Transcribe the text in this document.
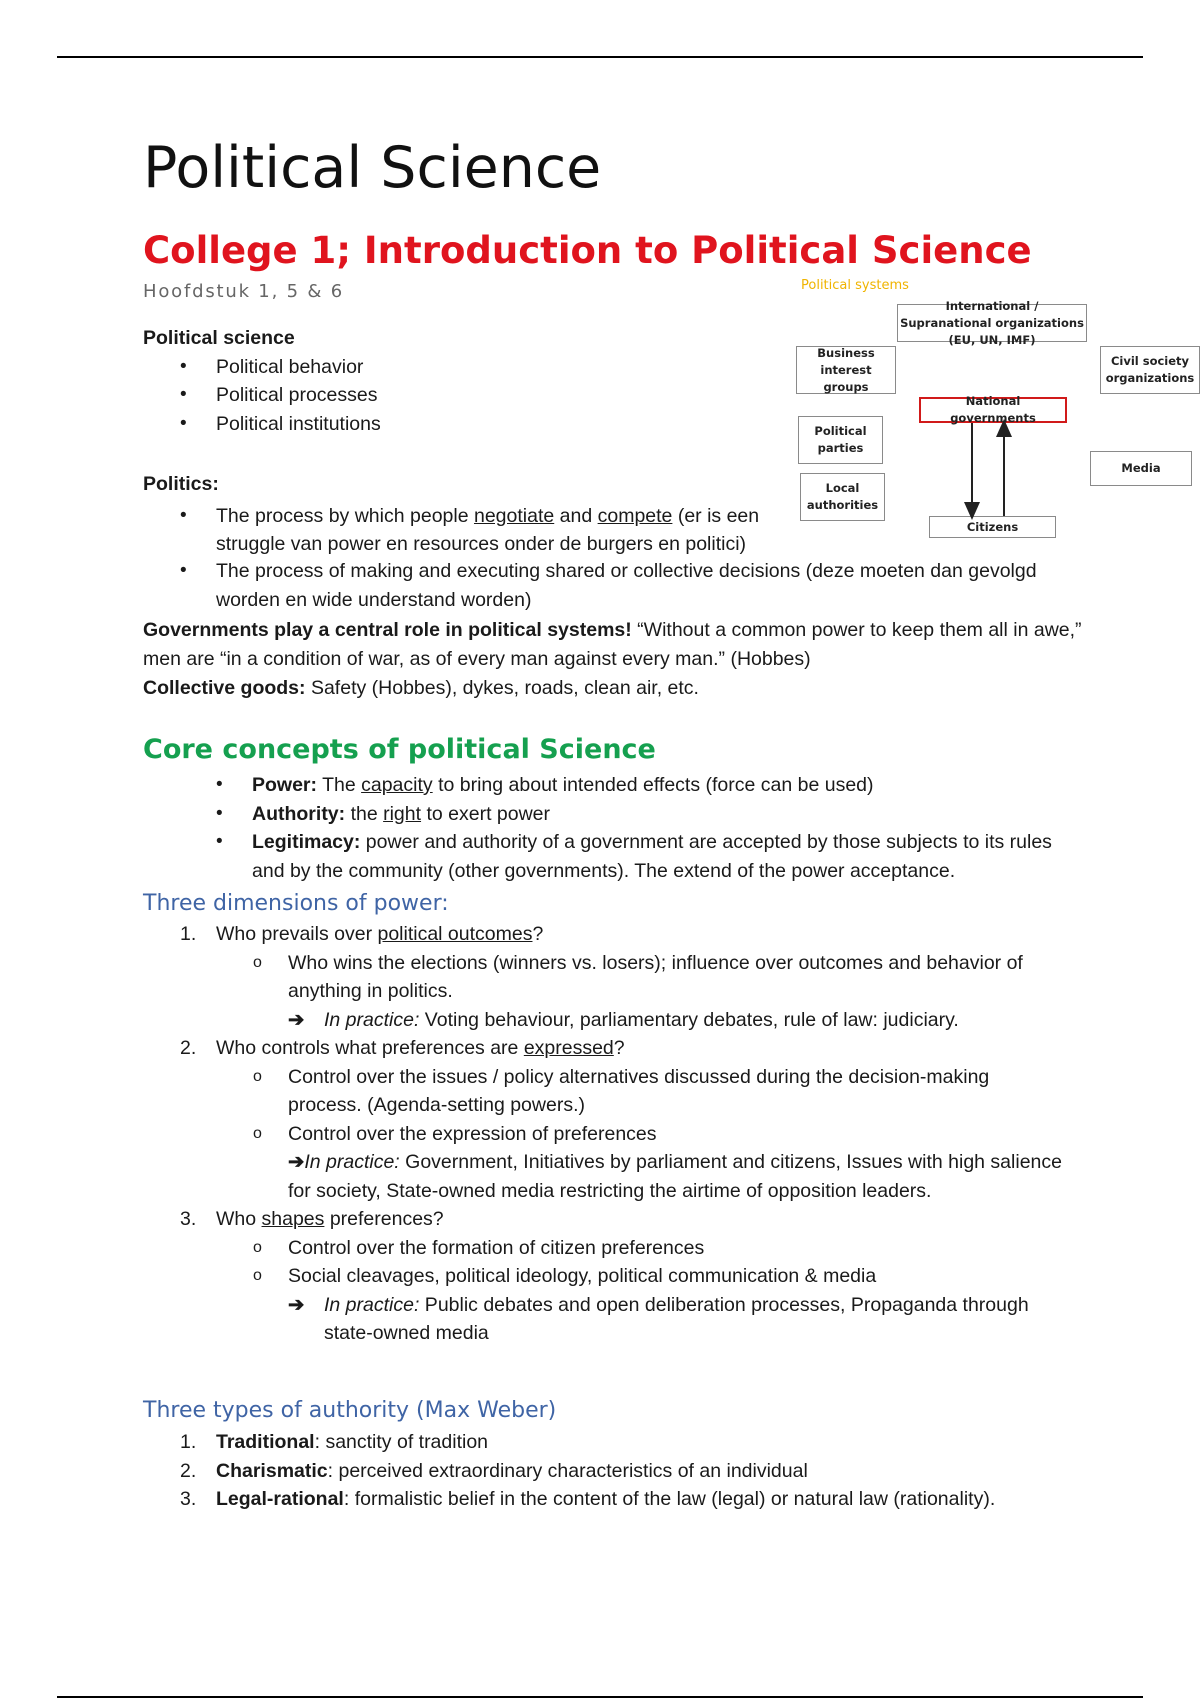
Political Science
College 1; Introduction to Political Science

Hoofdstuk 1, 5 & 6

Political science
• Political behavior
• Political processes
• Political institutions
Politics:
• The process by which people negotiate and compete (er is een struggle van power en resources onder de burgers en politici)
• The process of making and executing shared or collective decisions (deze moeten dan gevolgd worden en wide understand worden)
Governments play a central role in political systems! “Without a common power to keep them all in awe,” men are “in a condition of war, as of every man against every man.” (Hobbes)
Collective goods: Safety (Hobbes), dykes, roads, clean air, etc.
Political systems
International / Supranational organizations (EU, UN, IMF)
Business interest groups
Civil society organizations
National governments
Political parties
Media
Local authorities
Citizens
Core concepts of political Science
• Power: The capacity to bring about intended effects (force can be used)
• Authority: the right to exert power
• Legitimacy: power and authority of a government are accepted by those subjects to its rules and by the community (other governments). The extend of the power acceptance.
Three dimensions of power:
1. Who prevails over political outcomes?
o Who wins the elections (winners vs. losers); influence over outcomes and behavior of anything in politics.
➔ In practice: Voting behaviour, parliamentary debates, rule of law: judiciary.
2. Who controls what preferences are expressed?
o Control over the issues / policy alternatives discussed during the decision-making process. (Agenda-setting powers.)
o Control over the expression of preferences
➔In practice: Government, Initiatives by parliament and citizens, Issues with high salience for society, State-owned media restricting the airtime of opposition leaders.
3. Who shapes preferences?
o Control over the formation of citizen preferences
o Social cleavages, political ideology, political communication & media
➔ In practice: Public debates and open deliberation processes, Propaganda through state-owned media
Three types of authority (Max Weber)
1. Traditional: sanctity of tradition
2. Charismatic: perceived extraordinary characteristics of an individual
3. Legal-rational: formalistic belief in the content of the law (legal) or natural law (rationality).
